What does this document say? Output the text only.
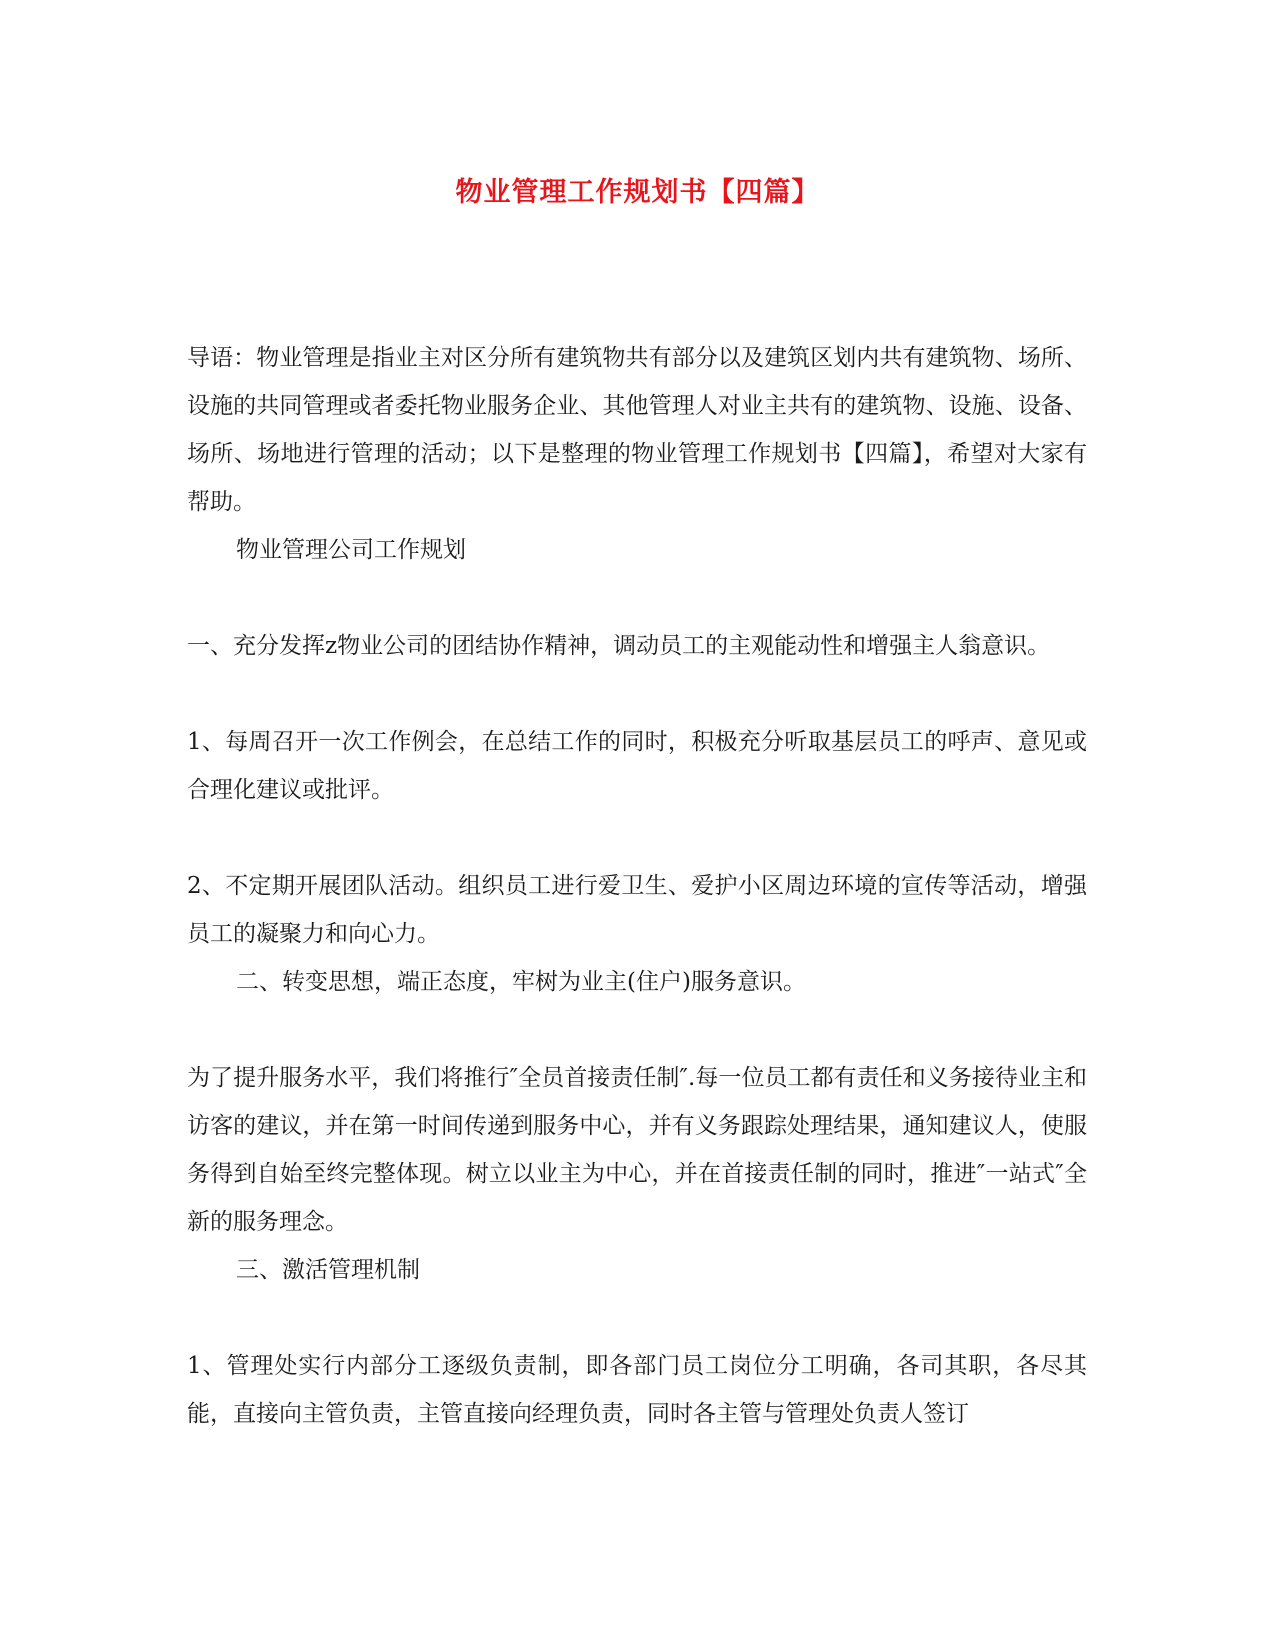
物业管理工作规划书【四篇】

导语：物业管理是指业主对区分所有建筑物共有部分以及建筑区划内共有建筑物、场所、设施的共同管理或者委托物业服务企业、其他管理人对业主共有的建筑物、设施、设备、场所、场地进行管理的活动；以下是整理的物业管理工作规划书【四篇】，希望对大家有帮助。

物业管理公司工作规划

一、充分发挥z物业公司的团结协作精神，调动员工的主观能动性和增强主人翁意识。

1、每周召开一次工作例会，在总结工作的同时，积极充分听取基层员工的呼声、意见或合理化建议或批评。

2、不定期开展团队活动。组织员工进行爱卫生、爱护小区周边环境的宣传等活动，增强员工的凝聚力和向心力。

二、转变思想，端正态度，牢树为业主(住户)服务意识。

为了提升服务水平，我们将推行″全员首接责任制″.每一位员工都有责任和义务接待业主和访客的建议，并在第一时间传递到服务中心，并有义务跟踪处理结果，通知建议人，使服务得到自始至终完整体现。树立以业主为中心，并在首接责任制的同时，推进″一站式″全新的服务理念。

三、激活管理机制

1、管理处实行内部分工逐级负责制，即各部门员工岗位分工明确，各司其职，各尽其能，直接向主管负责，主管直接向经理负责，同时各主管与管理处负责人签订
